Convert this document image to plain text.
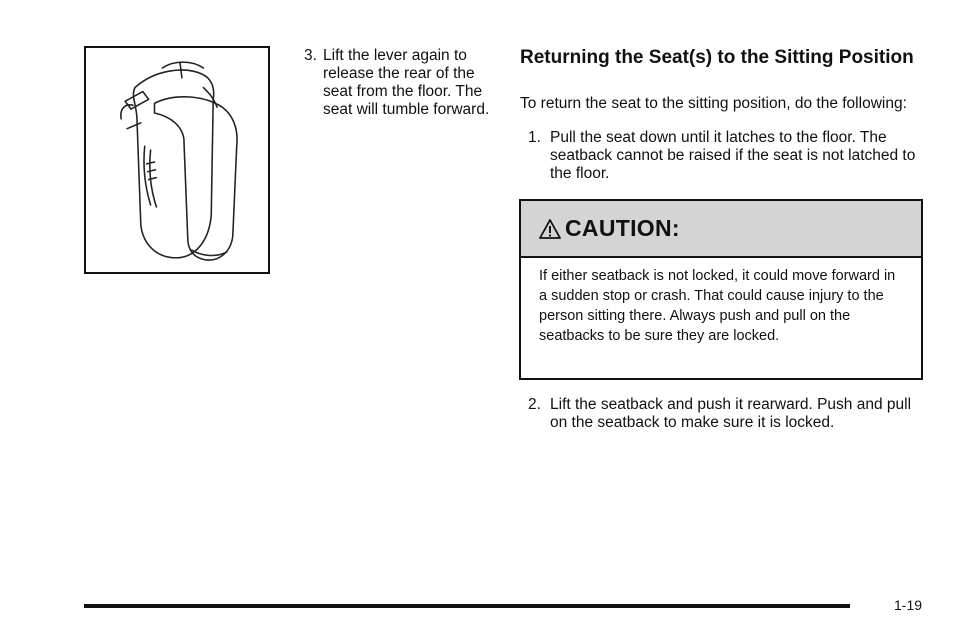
3. Lift the lever again to release the rear of the seat from the floor. The seat will tumble forward.
Returning the Seat(s) to the Sitting Position

To return the seat to the sitting position, do the following:

1. Pull the seat down until it latches to the floor. The seatback cannot be raised if the seat is not latched to the floor.
CAUTION:
If either seatback is not locked, it could move forward in a sudden stop or crash. That could cause injury to the person sitting there. Always push and pull on the seatbacks to be sure they are locked.
2. Lift the seatback and push it rearward. Push and pull on the seatback to make sure it is locked.
1-19
